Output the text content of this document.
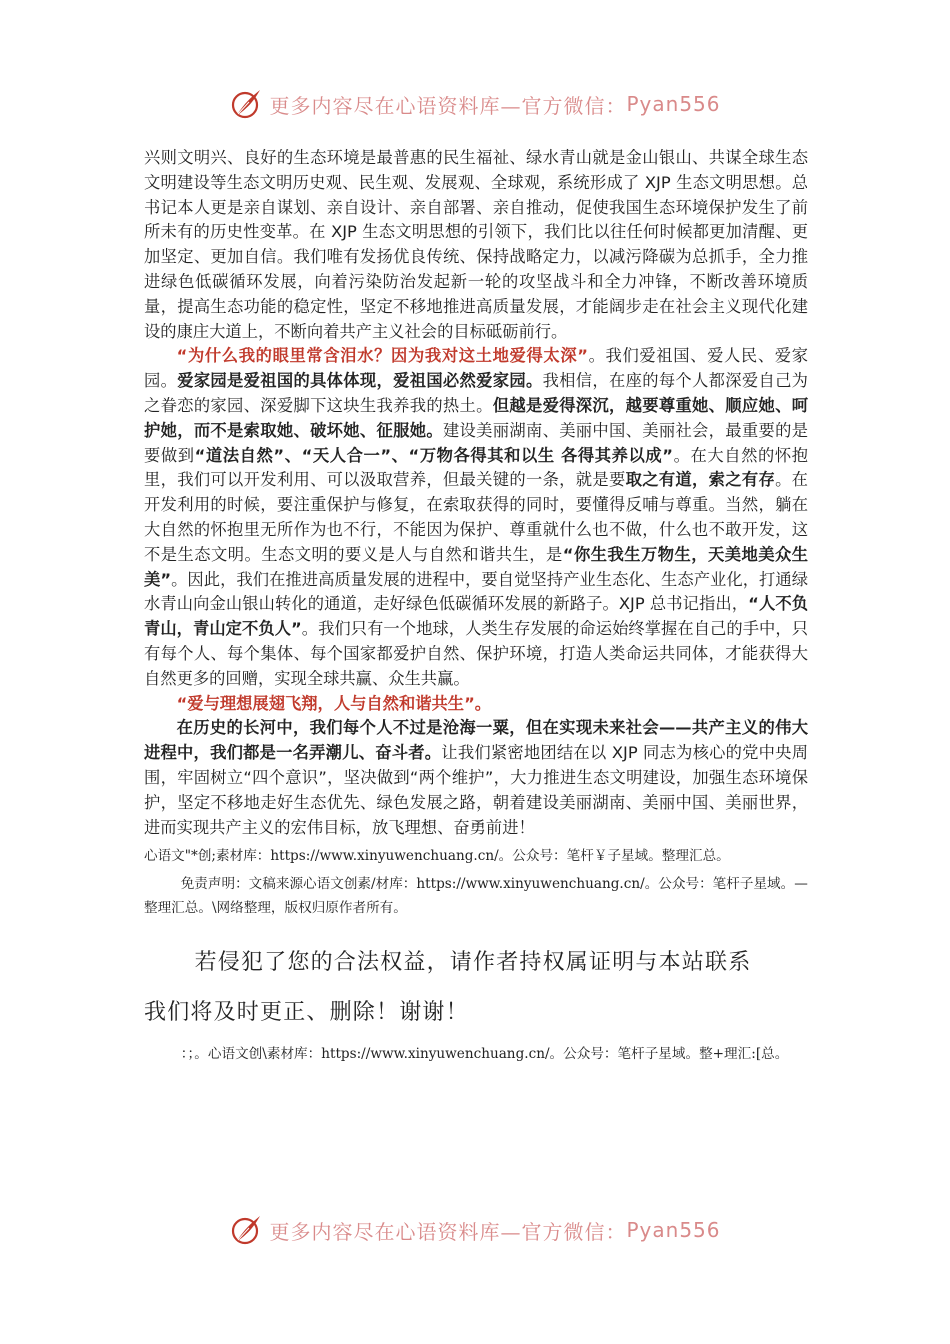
更多内容尽在心语资料库—官方微信： Pyan556

兴则文明兴、良好的生态环境是最普惠的民生福祉、绿水青山就是金山银山、共谋全球生态文明建设等生态文明历史观、民生观、发展观、全球观，系统形成了 XJP 生态文明思想。总书记本人更是亲自谋划、亲自设计、亲自部署、亲自推动，促使我国生态环境保护发生了前所未有的历史性变革。在 XJP 生态文明思想的引领下，我们比以往任何时候都更加清醒、更加坚定、更加自信。我们唯有发扬优良传统、保持战略定力，以减污降碳为总抓手，全力推进绿色低碳循环发展，向着污染防治发起新一轮的攻坚战斗和全力冲锋，不断改善环境质量，提高生态功能的稳定性，坚定不移地推进高质量发展，才能阔步走在社会主义现代化建设的康庄大道上，不断向着共产主义社会的目标砥砺前行。

“为什么我的眼里常含泪水？因为我对这土地爱得太深”。我们爱祖国、爱人民、爱家园。爱家园是爱祖国的具体体现，爱祖国必然爱家园。我相信，在座的每个人都深爱自己为之眷恋的家园、深爱脚下这块生我养我的热土。但越是爱得深沉，越要尊重她、顺应她、呵护她，而不是索取她、破坏她、征服她。建设美丽湖南、美丽中国、美丽社会，最重要的是要做到“道法自然”、“天人合一”、“万物各得其和以生 各得其养以成”。在大自然的怀抱里，我们可以开发利用、可以汲取营养，但最关键的一条，就是要取之有道，索之有存。在开发利用的时候，要注重保护与修复，在索取获得的同时，要懂得反哺与尊重。当然，躺在大自然的怀抱里无所作为也不行，不能因为保护、尊重就什么也不做，什么也不敢开发，这不是生态文明。生态文明的要义是人与自然和谐共生，是“你生我生万物生，天美地美众生美”。因此，我们在推进高质量发展的进程中，要自觉坚持产业生态化、生态产业化，打通绿水青山向金山银山转化的通道，走好绿色低碳循环发展的新路子。XJP 总书记指出，“人不负青山，青山定不负人”。我们只有一个地球，人类生存发展的命运始终掌握在自己的手中，只有每个人、每个集体、每个国家都爱护自然、保护环境，打造人类命运共同体，才能获得大自然更多的回赠，实现全球共赢、众生共赢。

“爱与理想展翅飞翔，人与自然和谐共生”。

在历史的长河中，我们每个人不过是沧海一粟，但在实现未来社会——共产主义的伟大进程中，我们都是一名弄潮儿、奋斗者。让我们紧密地团结在以 XJP 同志为核心的党中央周围，牢固树立“四个意识”，坚决做到“两个维护”，大力推进生态文明建设，加强生态环境保护，坚定不移地走好生态优先、绿色发展之路，朝着建设美丽湖南、美丽中国、美丽世界，进而实现共产主义的宏伟目标，放飞理想、奋勇前进！

心语文"*创;素材库：https://www.xinyuwenchuang.cn/。公众号：笔杆￥子星域。整理汇总。

免责声明：文稿来源心语文创素/材库：https://www.xinyuwenchuang.cn/。公众号：笔杆子星域。—整理汇总。\网络整理，版权归原作者所有。

若侵犯了您的合法权益，请作者持权属证明与本站联系

我们将及时更正、删除！谢谢！

：；。心语文创\素材库：https://www.xinyuwenchuang.cn/。公众号：笔杆子星域。整+理汇:[总。

更多内容尽在心语资料库—官方微信： Pyan556
